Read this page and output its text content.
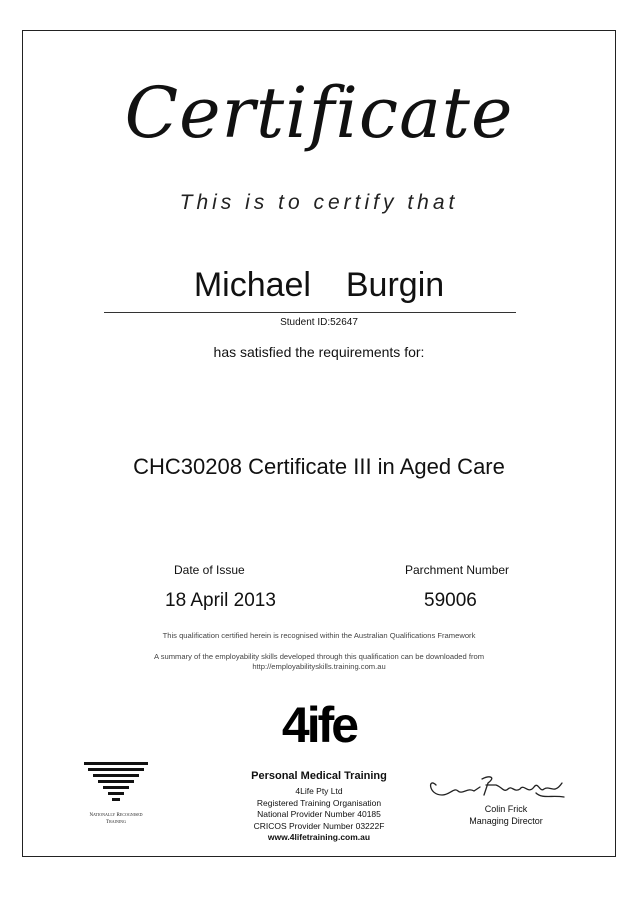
Certificate
This is to certify that
Michael  Burgin
Student ID:52647
has satisfied the requirements for:
CHC30208 Certificate III in Aged Care
Date of Issue	Parchment Number
18 April 2013	59006
This qualification certified herein is recognised within the Australian Qualifications Framework
A summary of the employability skills developed through this qualification can be downloaded from
http://employabilityskills.training.com.au
4ife
Personal Medical Training
4Life Pty Ltd
Registered Training Organisation
National Provider Number 40185
CRICOS Provider Number 03222F
www.4lifetraining.com.au
Nationally Recognised
Training
Colin Frick
Managing Director
